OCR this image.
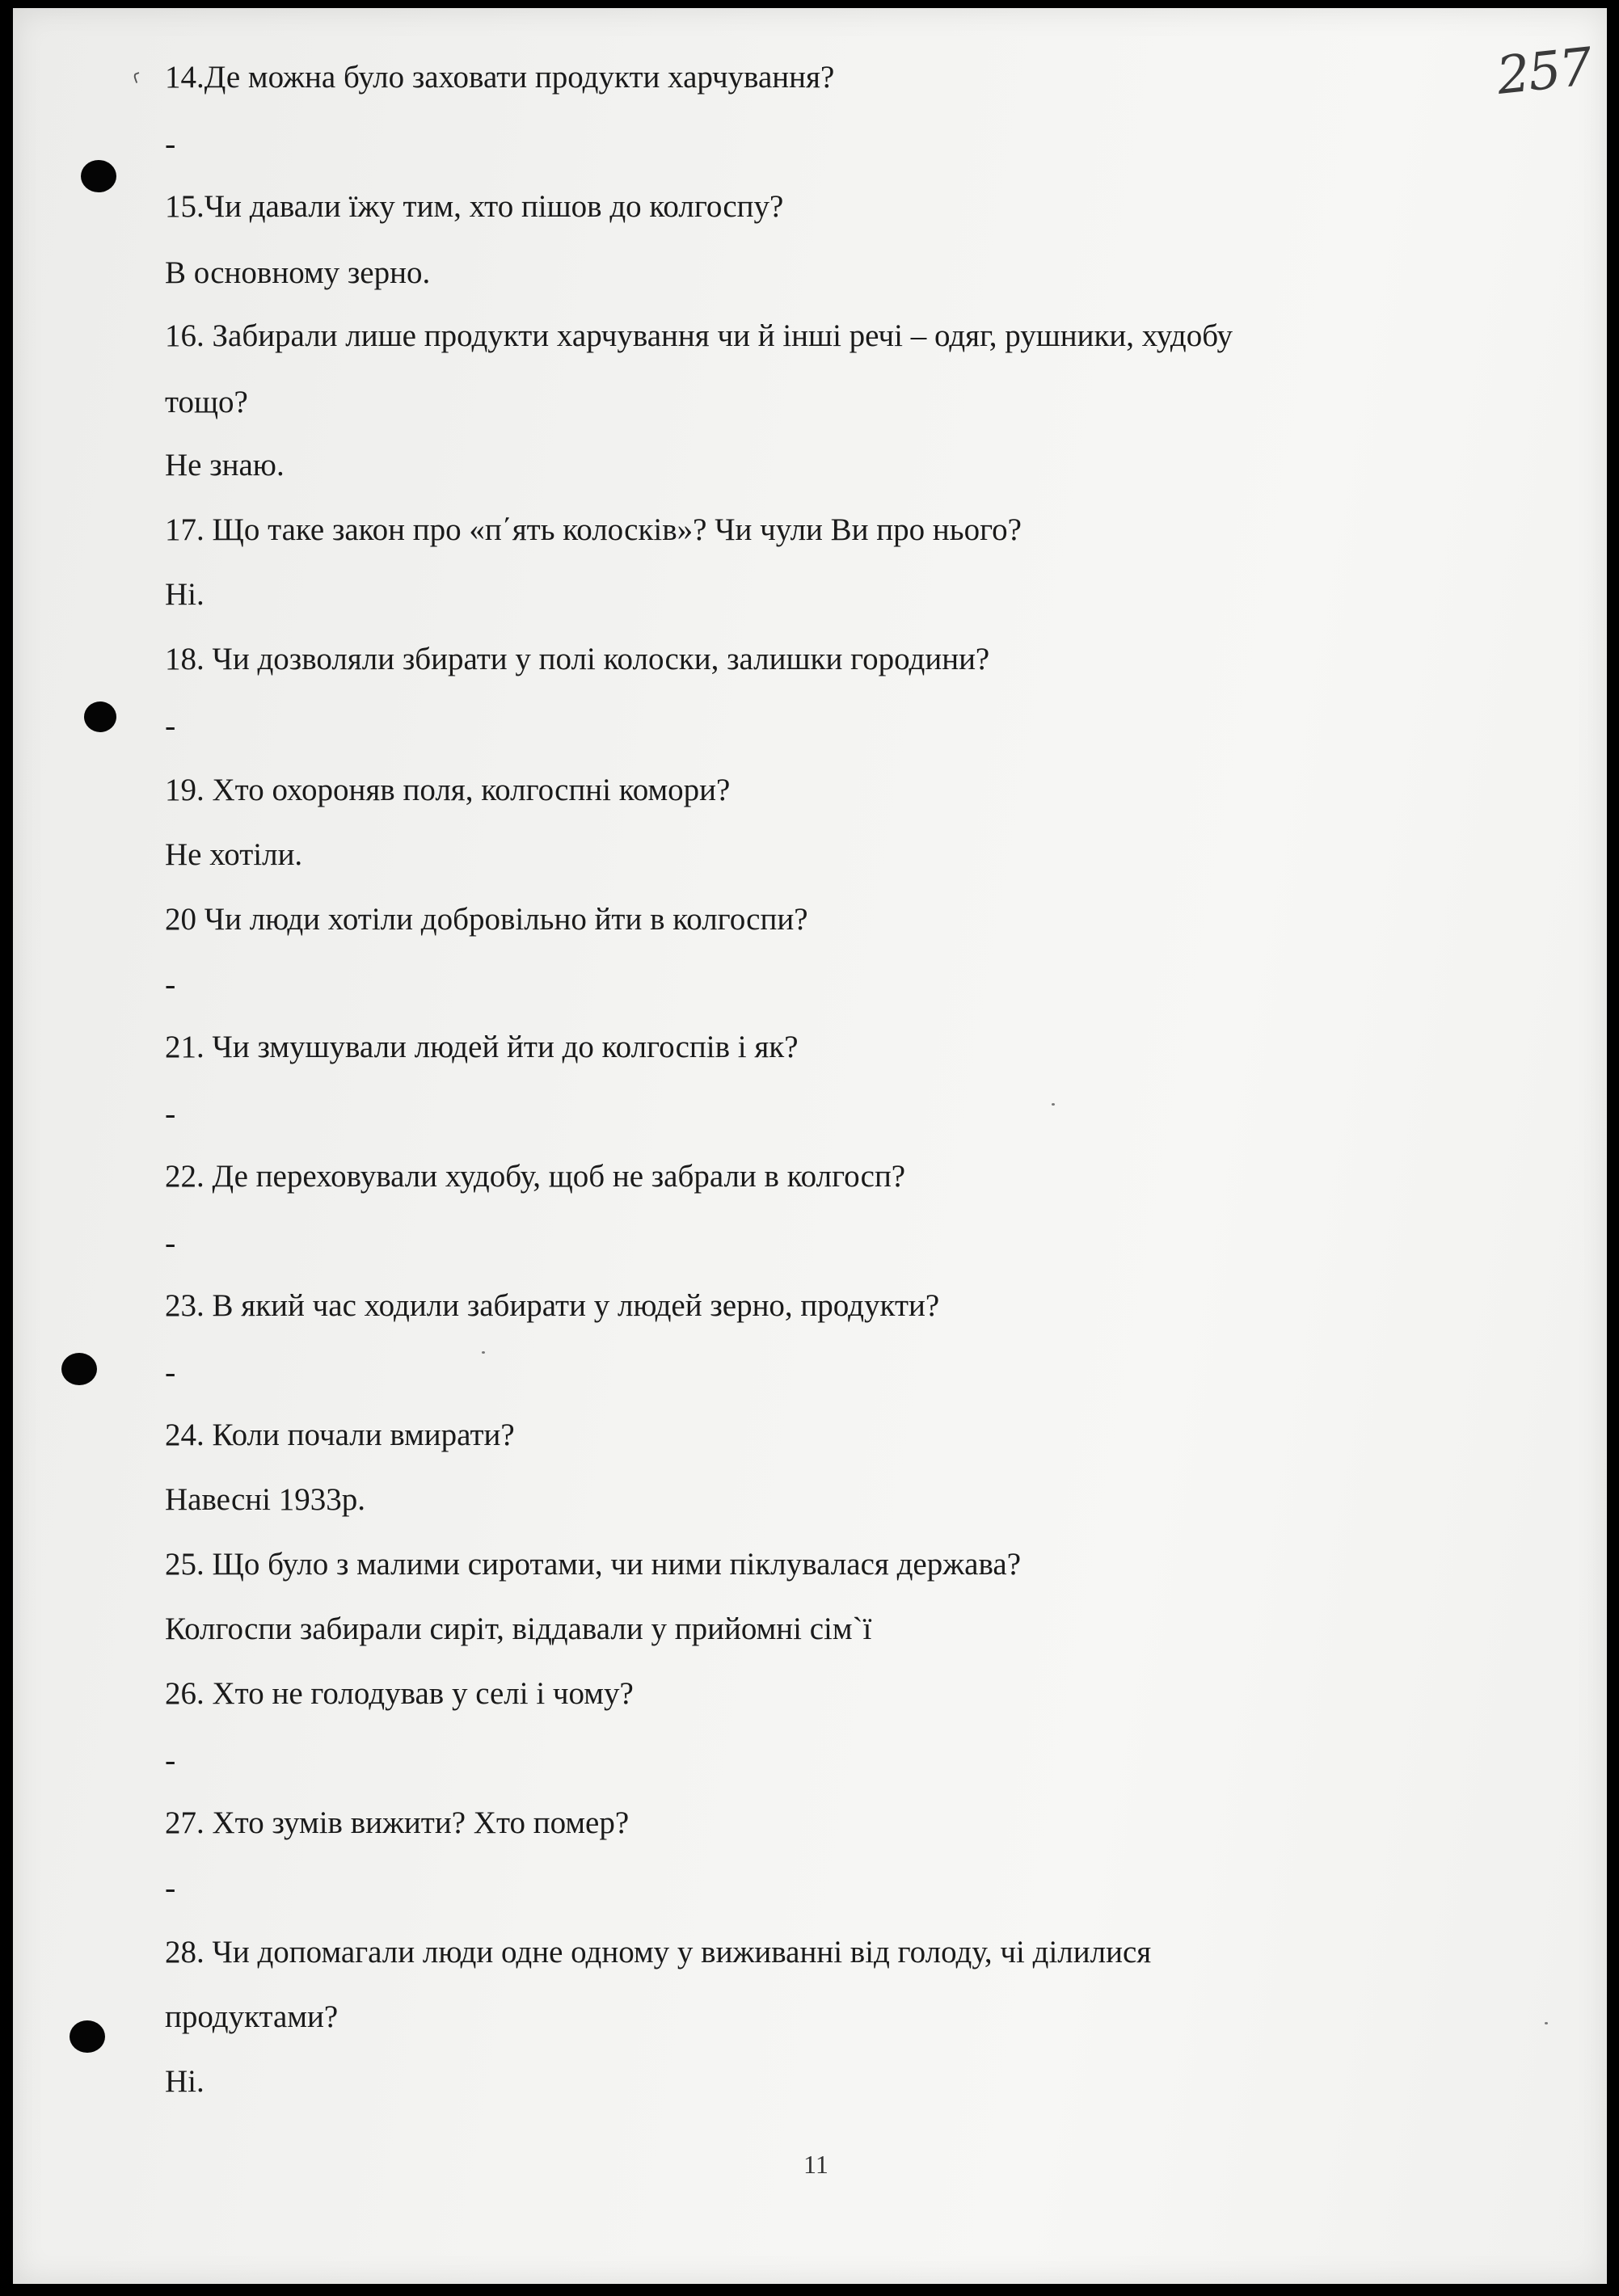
257
14.Де можна було заховати продукти харчування?
-
15.Чи давали їжу тим, хто пішов до колгоспу?
В основному зерно.
16. Забирали лише продукти харчування чи й інші речі – одяг, рушники, худобу
тощо?
Не знаю.
17. Що таке закон про «п΄ять колосків»? Чи чули Ви про нього?
Ні.
18. Чи дозволяли збирати у полі колоски, залишки городини?
-
19. Хто охороняв поля, колгоспні комори?
Не хотіли.
20 Чи люди хотіли добровільно йти в колгоспи?
-
21. Чи змушували людей йти до колгоспів і як?
-
22. Де переховували худобу, щоб не забрали в колгосп?
-
23. В який час ходили забирати у людей зерно, продукти?
-
24. Коли почали вмирати?
Навесні 1933р.
25. Що було з малими сиротами, чи ними піклувалася держава?
Колгоспи забирали сиріт, віддавали у прийомні сім`ї
26. Хто не голодував у селі і чому?
-
27. Хто зумів вижити? Хто помер?
-
28. Чи допомагали люди одне одному у виживанні від голоду, чі ділилися
продуктами?
Ні.
11
